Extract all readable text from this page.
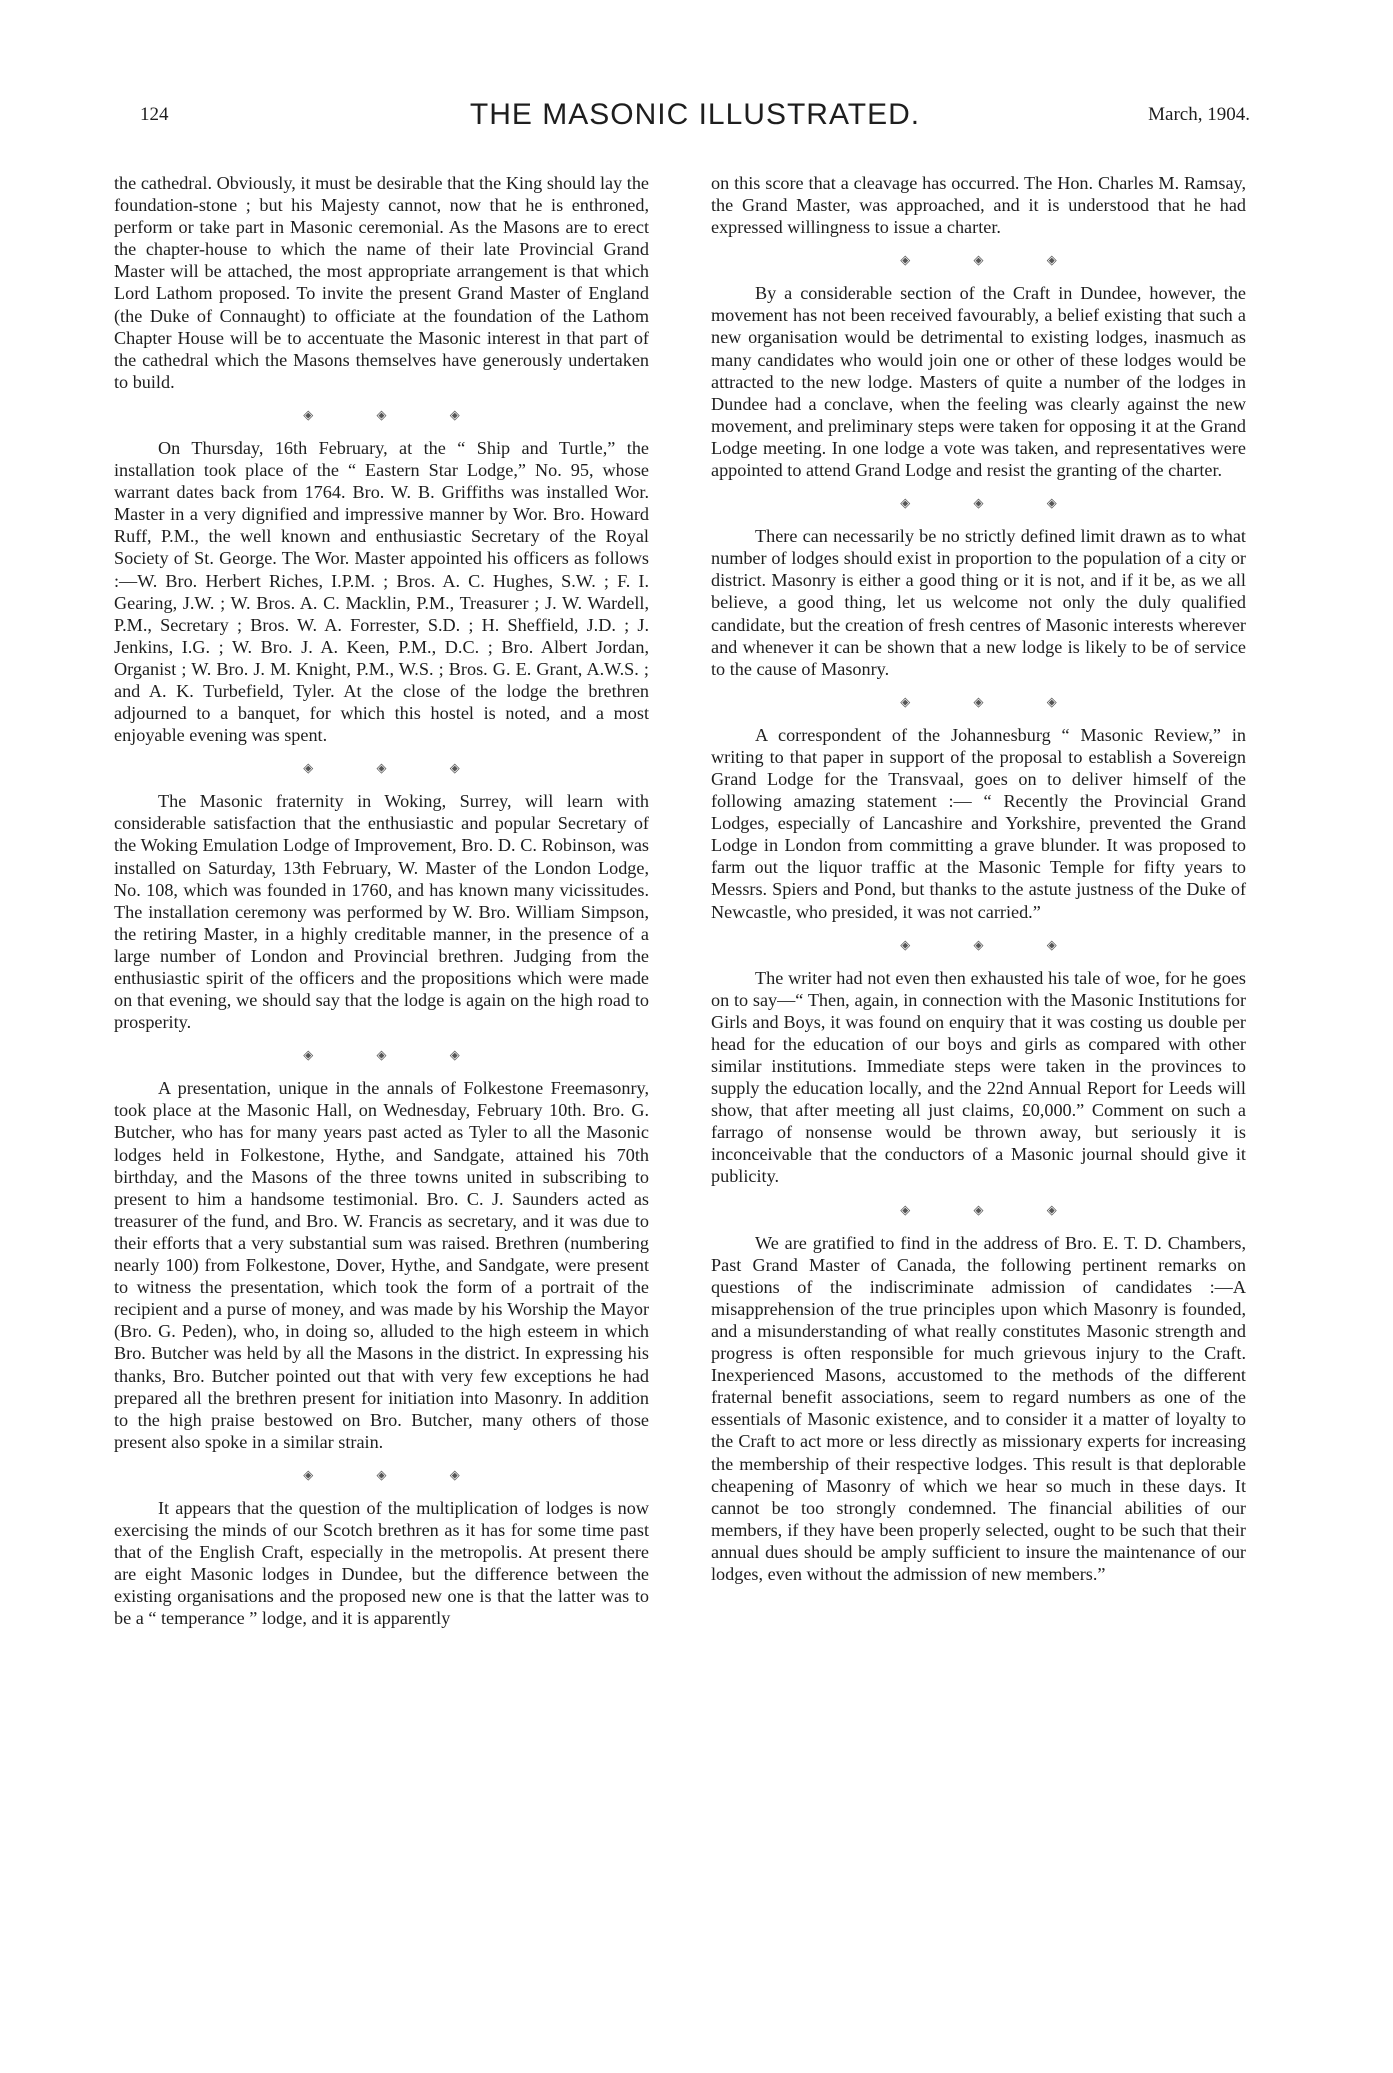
124	THE MASONIC ILLUSTRATED.	March, 1904.

the cathedral. Obviously, it must be desirable that the King should lay the foundation-stone ; but his Majesty cannot, now that he is enthroned, perform or take part in Masonic ceremonial. As the Masons are to erect the chapter-house to which the name of their late Provincial Grand Master will be attached, the most appropriate arrangement is that which Lord Lathom proposed. To invite the present Grand Master of England (the Duke of Connaught) to officiate at the foundation of the Lathom Chapter House will be to accentuate the Masonic interest in that part of the cathedral which the Masons themselves have generously undertaken to build.

◈ ◈ ◈

On Thursday, 16th February, at the “ Ship and Turtle,” the installation took place of the “ Eastern Star Lodge,” No. 95, whose warrant dates back from 1764. Bro. W. B. Griffiths was installed Wor. Master in a very dignified and impressive manner by Wor. Bro. Howard Ruff, P.M., the well known and enthusiastic Secretary of the Royal Society of St. George. The Wor. Master appointed his officers as follows :—W. Bro. Herbert Riches, I.P.M. ; Bros. A. C. Hughes, S.W. ; F. I. Gearing, J.W. ; W. Bros. A. C. Macklin, P.M., Treasurer ; J. W. Wardell, P.M., Secretary ; Bros. W. A. Forrester, S.D. ; H. Sheffield, J.D. ; J. Jenkins, I.G. ; W. Bro. J. A. Keen, P.M., D.C. ; Bro. Albert Jordan, Organist ; W. Bro. J. M. Knight, P.M., W.S. ; Bros. G. E. Grant, A.W.S. ; and A. K. Turbefield, Tyler. At the close of the lodge the brethren adjourned to a banquet, for which this hostel is noted, and a most enjoyable evening was spent.

◈ ◈ ◈

The Masonic fraternity in Woking, Surrey, will learn with considerable satisfaction that the enthusiastic and popular Secretary of the Woking Emulation Lodge of Improvement, Bro. D. C. Robinson, was installed on Saturday, 13th February, W. Master of the London Lodge, No. 108, which was founded in 1760, and has known many vicissitudes. The installation ceremony was performed by W. Bro. William Simpson, the retiring Master, in a highly creditable manner, in the presence of a large number of London and Provincial brethren. Judging from the enthusiastic spirit of the officers and the propositions which were made on that evening, we should say that the lodge is again on the high road to prosperity.

◈ ◈ ◈

A presentation, unique in the annals of Folkestone Freemasonry, took place at the Masonic Hall, on Wednesday, February 10th. Bro. G. Butcher, who has for many years past acted as Tyler to all the Masonic lodges held in Folkestone, Hythe, and Sandgate, attained his 70th birthday, and the Masons of the three towns united in subscribing to present to him a handsome testimonial. Bro. C. J. Saunders acted as treasurer of the fund, and Bro. W. Francis as secretary, and it was due to their efforts that a very substantial sum was raised. Brethren (numbering nearly 100) from Folkestone, Dover, Hythe, and Sandgate, were present to witness the presentation, which took the form of a portrait of the recipient and a purse of money, and was made by his Worship the Mayor (Bro. G. Peden), who, in doing so, alluded to the high esteem in which Bro. Butcher was held by all the Masons in the district. In expressing his thanks, Bro. Butcher pointed out that with very few exceptions he had prepared all the brethren present for initiation into Masonry. In addition to the high praise bestowed on Bro. Butcher, many others of those present also spoke in a similar strain.

◈ ◈ ◈

It appears that the question of the multiplication of lodges is now exercising the minds of our Scotch brethren as it has for some time past that of the English Craft, especially in the metropolis. At present there are eight Masonic lodges in Dundee, but the difference between the existing organisations and the proposed new one is that the latter was to be a “ temperance ” lodge, and it is apparently

on this score that a cleavage has occurred. The Hon. Charles M. Ramsay, the Grand Master, was approached, and it is understood that he had expressed willingness to issue a charter.

◈ ◈ ◈

By a considerable section of the Craft in Dundee, however, the movement has not been received favourably, a belief existing that such a new organisation would be detrimental to existing lodges, inasmuch as many candidates who would join one or other of these lodges would be attracted to the new lodge. Masters of quite a number of the lodges in Dundee had a conclave, when the feeling was clearly against the new movement, and preliminary steps were taken for opposing it at the Grand Lodge meeting. In one lodge a vote was taken, and representatives were appointed to attend Grand Lodge and resist the granting of the charter.

◈ ◈ ◈

There can necessarily be no strictly defined limit drawn as to what number of lodges should exist in proportion to the population of a city or district. Masonry is either a good thing or it is not, and if it be, as we all believe, a good thing, let us welcome not only the duly qualified candidate, but the creation of fresh centres of Masonic interests wherever and whenever it can be shown that a new lodge is likely to be of service to the cause of Masonry.

◈ ◈ ◈

A correspondent of the Johannesburg “ Masonic Review,” in writing to that paper in support of the proposal to establish a Sovereign Grand Lodge for the Transvaal, goes on to deliver himself of the following amazing statement :— “ Recently the Provincial Grand Lodges, especially of Lancashire and Yorkshire, prevented the Grand Lodge in London from committing a grave blunder. It was proposed to farm out the liquor traffic at the Masonic Temple for fifty years to Messrs. Spiers and Pond, but thanks to the astute justness of the Duke of Newcastle, who presided, it was not carried.”

◈ ◈ ◈

The writer had not even then exhausted his tale of woe, for he goes on to say—“ Then, again, in connection with the Masonic Institutions for Girls and Boys, it was found on enquiry that it was costing us double per head for the education of our boys and girls as compared with other similar institutions. Immediate steps were taken in the provinces to supply the education locally, and the 22nd Annual Report for Leeds will show, that after meeting all just claims, £0,000.” Comment on such a farrago of nonsense would be thrown away, but seriously it is inconceivable that the conductors of a Masonic journal should give it publicity.

◈ ◈ ◈

We are gratified to find in the address of Bro. E. T. D. Chambers, Past Grand Master of Canada, the following pertinent remarks on questions of the indiscriminate admission of candidates :—A misapprehension of the true principles upon which Masonry is founded, and a misunderstanding of what really constitutes Masonic strength and progress is often responsible for much grievous injury to the Craft. Inexperienced Masons, accustomed to the methods of the different fraternal benefit associations, seem to regard numbers as one of the essentials of Masonic existence, and to consider it a matter of loyalty to the Craft to act more or less directly as missionary experts for increasing the membership of their respective lodges. This result is that deplorable cheapening of Masonry of which we hear so much in these days. It cannot be too strongly condemned. The financial abilities of our members, if they have been properly selected, ought to be such that their annual dues should be amply sufficient to insure the maintenance of our lodges, even without the admission of new members.”
